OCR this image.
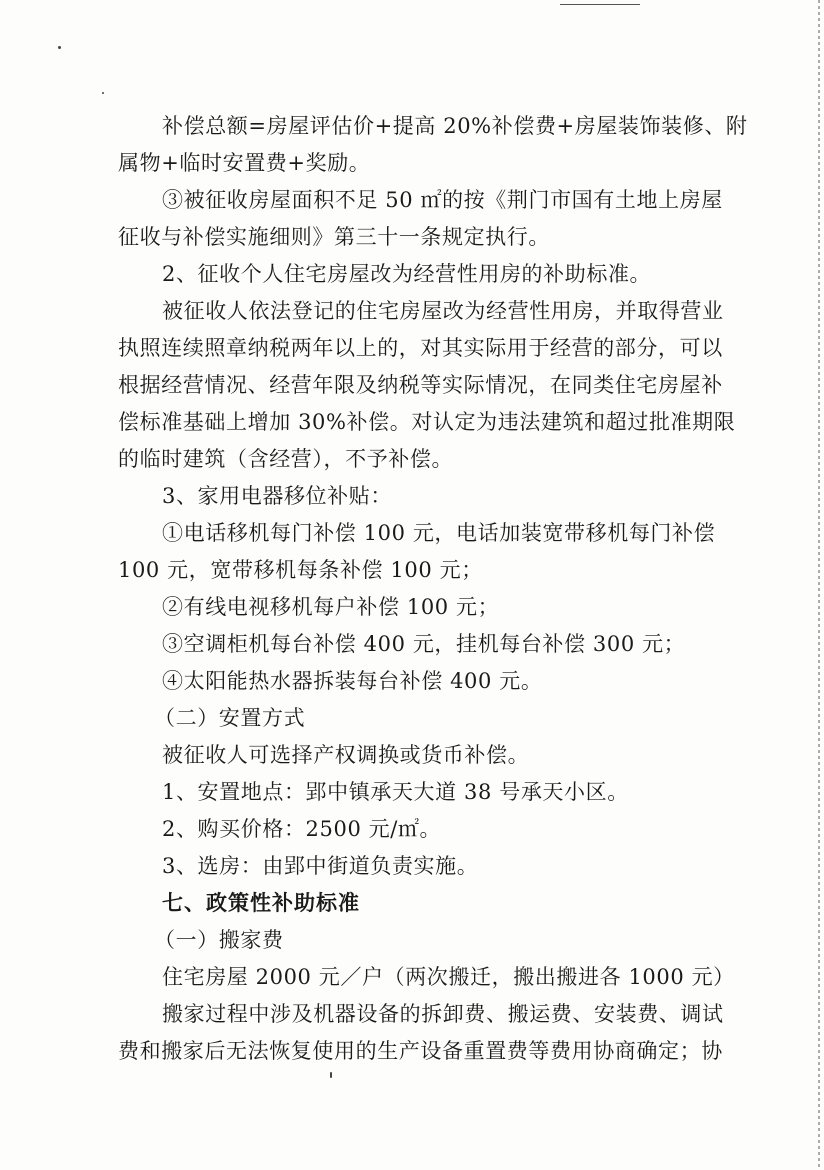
补偿总额=房屋评估价+提高 20%补偿费+房屋装饰装修、附
属物+临时安置费+奖励。
③被征收房屋面积不足 50 ㎡的按《荆门市国有土地上房屋
征收与补偿实施细则》第三十一条规定执行。
2、征收个人住宅房屋改为经营性用房的补助标准。
被征收人依法登记的住宅房屋改为经营性用房，并取得营业
执照连续照章纳税两年以上的，对其实际用于经营的部分，可以
根据经营情况、经营年限及纳税等实际情况，在同类住宅房屋补
偿标准基础上增加 30%补偿。对认定为违法建筑和超过批准期限
的临时建筑（含经营），不予补偿。
3、家用电器移位补贴：
①电话移机每门补偿 100 元，电话加装宽带移机每门补偿
100 元，宽带移机每条补偿 100 元；
②有线电视移机每户补偿 100 元；
③空调柜机每台补偿 400 元，挂机每台补偿 300 元；
④太阳能热水器拆装每台补偿 400 元。
（二）安置方式
被征收人可选择产权调换或货币补偿。
1、安置地点：郢中镇承天大道 38 号承天小区。
2、购买价格：2500 元/㎡。
3、选房：由郢中街道负责实施。
七、政策性补助标准
（一）搬家费
住宅房屋 2000 元／户（两次搬迁，搬出搬进各 1000 元）
搬家过程中涉及机器设备的拆卸费、搬运费、安装费、调试
费和搬家后无法恢复使用的生产设备重置费等费用协商确定；协
